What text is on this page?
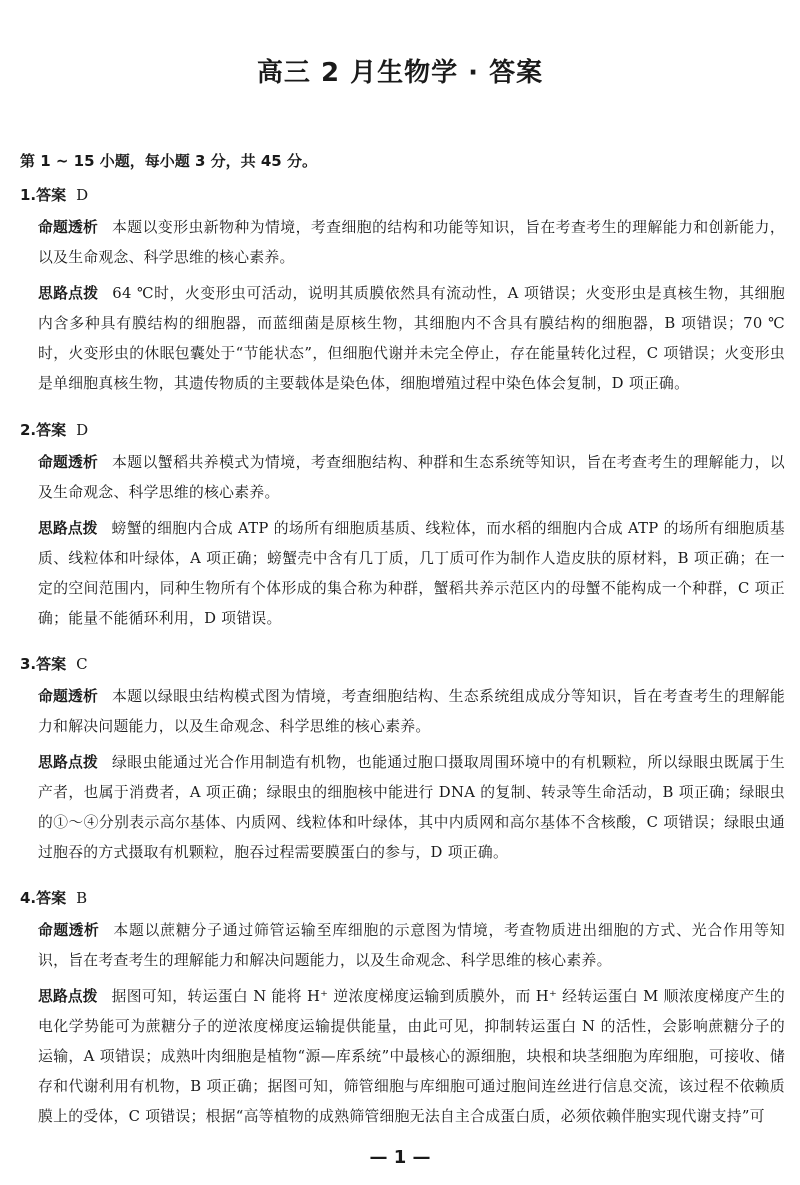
高三 2 月生物学 · 答案
第 1 ~ 15 小题，每小题 3 分，共 45 分。
1.答案 D
命题透析 本题以变形虫新物种为情境，考查细胞的结构和功能等知识，旨在考查考生的理解能力和创新能力，以及生命观念、科学思维的核心素养。
思路点拨 64 ℃时，火变形虫可活动，说明其质膜依然具有流动性，A 项错误；火变形虫是真核生物，其细胞内含多种具有膜结构的细胞器，而蓝细菌是原核生物，其细胞内不含具有膜结构的细胞器，B 项错误；70 ℃时，火变形虫的休眠包囊处于“节能状态”，但细胞代谢并未完全停止，存在能量转化过程，C 项错误；火变形虫是单细胞真核生物，其遗传物质的主要载体是染色体，细胞增殖过程中染色体会复制，D 项正确。
2.答案 D
命题透析 本题以蟹稻共养模式为情境，考查细胞结构、种群和生态系统等知识，旨在考查考生的理解能力，以及生命观念、科学思维的核心素养。
思路点拨 螃蟹的细胞内合成 ATP 的场所有细胞质基质、线粒体，而水稻的细胞内合成 ATP 的场所有细胞质基质、线粒体和叶绿体，A 项正确；螃蟹壳中含有几丁质，几丁质可作为制作人造皮肤的原材料，B 项正确；在一定的空间范围内，同种生物所有个体形成的集合称为种群，蟹稻共养示范区内的母蟹不能构成一个种群，C 项正确；能量不能循环利用，D 项错误。
3.答案 C
命题透析 本题以绿眼虫结构模式图为情境，考查细胞结构、生态系统组成成分等知识，旨在考查考生的理解能力和解决问题能力，以及生命观念、科学思维的核心素养。
思路点拨 绿眼虫能通过光合作用制造有机物，也能通过胞口摄取周围环境中的有机颗粒，所以绿眼虫既属于生产者，也属于消费者，A 项正确；绿眼虫的细胞核中能进行 DNA 的复制、转录等生命活动，B 项正确；绿眼虫的①～④分别表示高尔基体、内质网、线粒体和叶绿体，其中内质网和高尔基体不含核酸，C 项错误；绿眼虫通过胞吞的方式摄取有机颗粒，胞吞过程需要膜蛋白的参与，D 项正确。
4.答案 B
命题透析 本题以蔗糖分子通过筛管运输至库细胞的示意图为情境，考查物质进出细胞的方式、光合作用等知识，旨在考查考生的理解能力和解决问题能力，以及生命观念、科学思维的核心素养。
思路点拨 据图可知，转运蛋白 N 能将 H⁺ 逆浓度梯度运输到质膜外，而 H⁺ 经转运蛋白 M 顺浓度梯度产生的电化学势能可为蔗糖分子的逆浓度梯度运输提供能量，由此可见，抑制转运蛋白 N 的活性，会影响蔗糖分子的运输，A 项错误；成熟叶肉细胞是植物“源—库系统”中最核心的源细胞，块根和块茎细胞为库细胞，可接收、储存和代谢利用有机物，B 项正确；据图可知，筛管细胞与库细胞可通过胞间连丝进行信息交流，该过程不依赖质膜上的受体，C 项错误；根据“高等植物的成熟筛管细胞无法自主合成蛋白质，必须依赖伴胞实现代谢支持”可
— 1 —
